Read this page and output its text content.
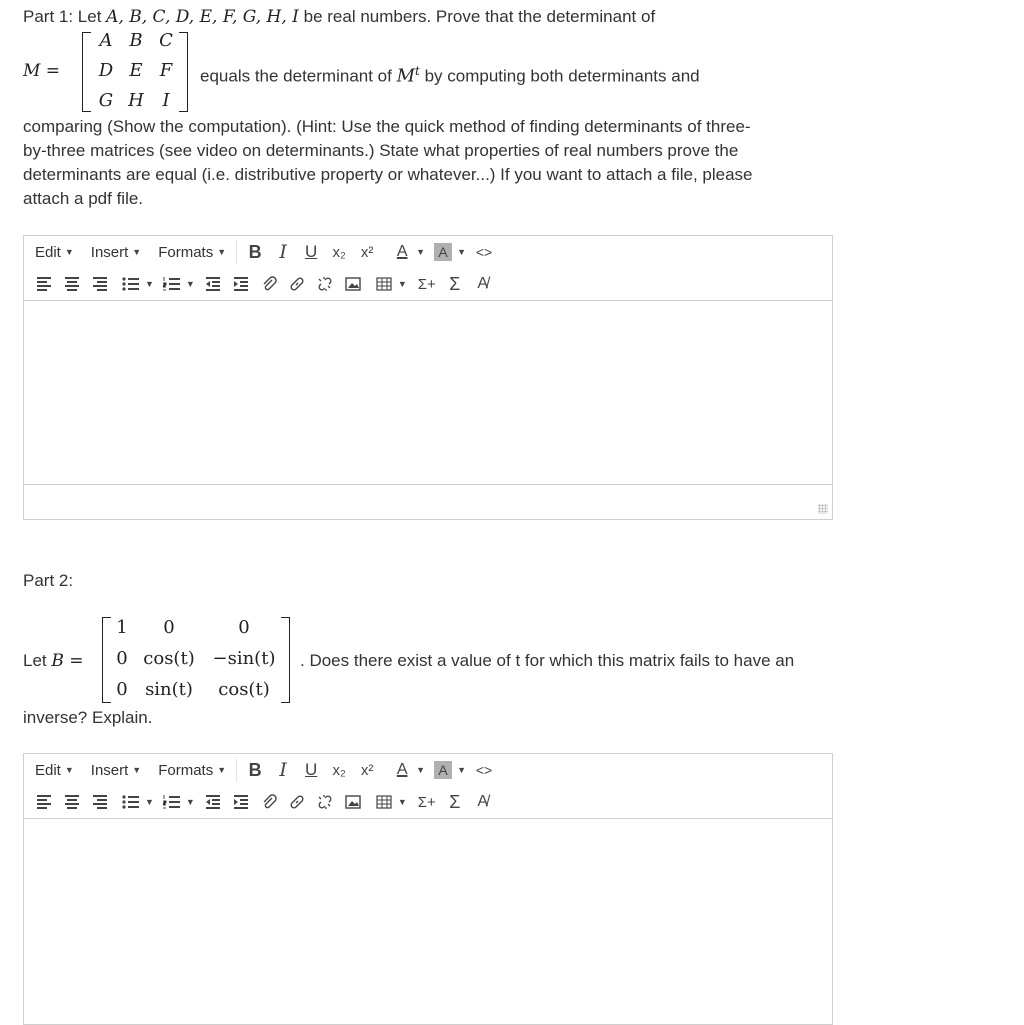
Part 1: Let A, B, C, D, E, F, G, H, I be real numbers. Prove that the determinant of
M =
A B C
D E F
G H	I
equals the determinant of $M^t$ by computing both determinants and
comparing (Show the computation). (Hint: Use the quick method of finding determinants of three-
by-three matrices (see video on determinants.) State what properties of real numbers prove the
determinants are equal (i.e. distributive property or whatever...) If you want to attach a file, please
attach a pdf file.
Edit ▼ Insert ▼ Formats ▼ B I	U	x₂	x²	A ▼ A	▼ <>
▼	▼	▼ Σ+ Σ	A̸
Part 2:
Let B =
1	0	0
0 cos(t) −sin(t)
0 sin(t)	cos(t)
. Does there exist a value of t for which this matrix fails to have an
inverse? Explain.
Edit ▼ Insert ▼ Formats ▼ B I	U	x₂	x²	A ▼ A	▼ <>
▼	▼	▼ Σ+ Σ	A̸
